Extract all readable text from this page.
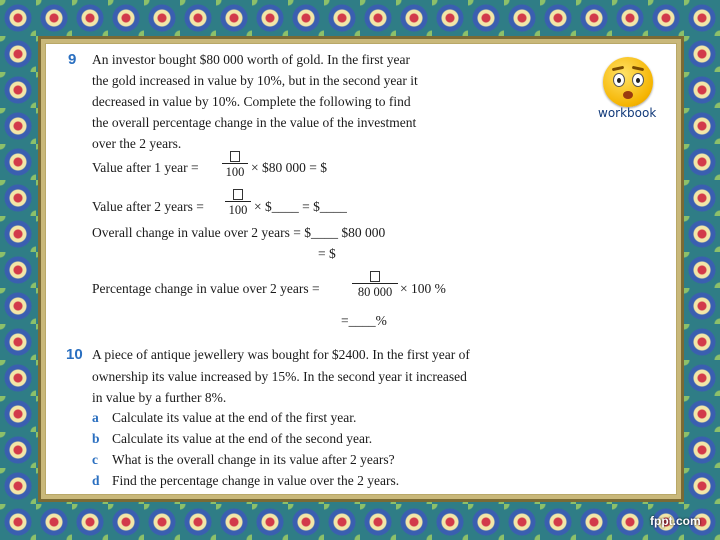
9 An investor bought $80 000 worth of gold. In the first year
the gold increased in value by 10%, but in the second year it
decreased in value by 10%. Complete the following to find
the overall percentage change in the value of the investment
over the 2 years.
Value after 1 year = 100 × $80 000 = $
Value after 2 years = 100 × $____ = $____
Overall change in value over 2 years = $____ $80 000
= $
Percentage change in value over 2 years =	80 000 × 100 %
=____%
10 A piece of antique jewellery was bought for $2400. In the first year of
ownership its value increased by 15%. In the second year it increased
in value by a further 8%.
a Calculate its value at the end of the first year.
b Calculate its value at the end of the second year.
c What is the overall change in its value after 2 years?
d Find the percentage change in value over the 2 years.
workbook
fppt.com
